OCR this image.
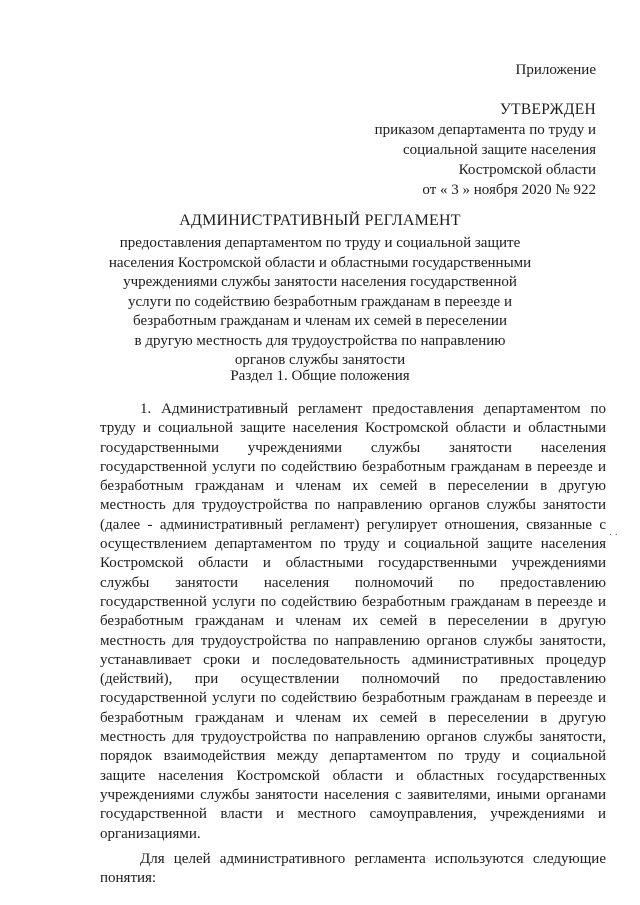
Приложение
УТВЕРЖДЕН
приказом департамента по труду и
социальной защите населения
Костромской области
от « 3 » ноября 2020 № 922
АДМИНИСТРАТИВНЫЙ РЕГЛАМЕНТ
предоставления департаментом по труду и социальной защите
населения Костромской области и областными государственными
учреждениями службы занятости населения государственной
услуги по содействию безработным гражданам в переезде и
безработным гражданам и членам их семей в переселении
в другую местность для трудоустройства по направлению
органов службы занятости
Раздел 1. Общие положения
1. Административный регламент предоставления департаментом по
труду и социальной защите населения Костромской области и областными
государственными учреждениями службы занятости населения
государственной услуги по содействию безработным гражданам в переезде и
безработным гражданам и членам их семей в переселении в другую
местность для трудоустройства по направлению органов службы занятости
(далее - административный регламент) регулирует отношения, связанные с
осуществлением департаментом по труду и социальной защите населения
Костромской области и областными государственными учреждениями
службы занятости населения полномочий по предоставлению
государственной услуги по содействию безработным гражданам в переезде и
безработным гражданам и членам их семей в переселении в другую
местность для трудоустройства по направлению органов службы занятости,
устанавливает сроки и последовательность административных процедур
(действий), при осуществлении полномочий по предоставлению
государственной услуги по содействию безработным гражданам в переезде и
безработным гражданам и членам их семей в переселении в другую
местность для трудоустройства по направлению органов службы занятости,
порядок взаимодействия между департаментом по труду и социальной
защите населения Костромской области и областных государственных
учреждениями службы занятости населения с заявителями, иными органами
государственной власти и местного самоуправления, учреждениями и
организациями.
Для целей административного регламента используются следующие
понятия:
· ·
